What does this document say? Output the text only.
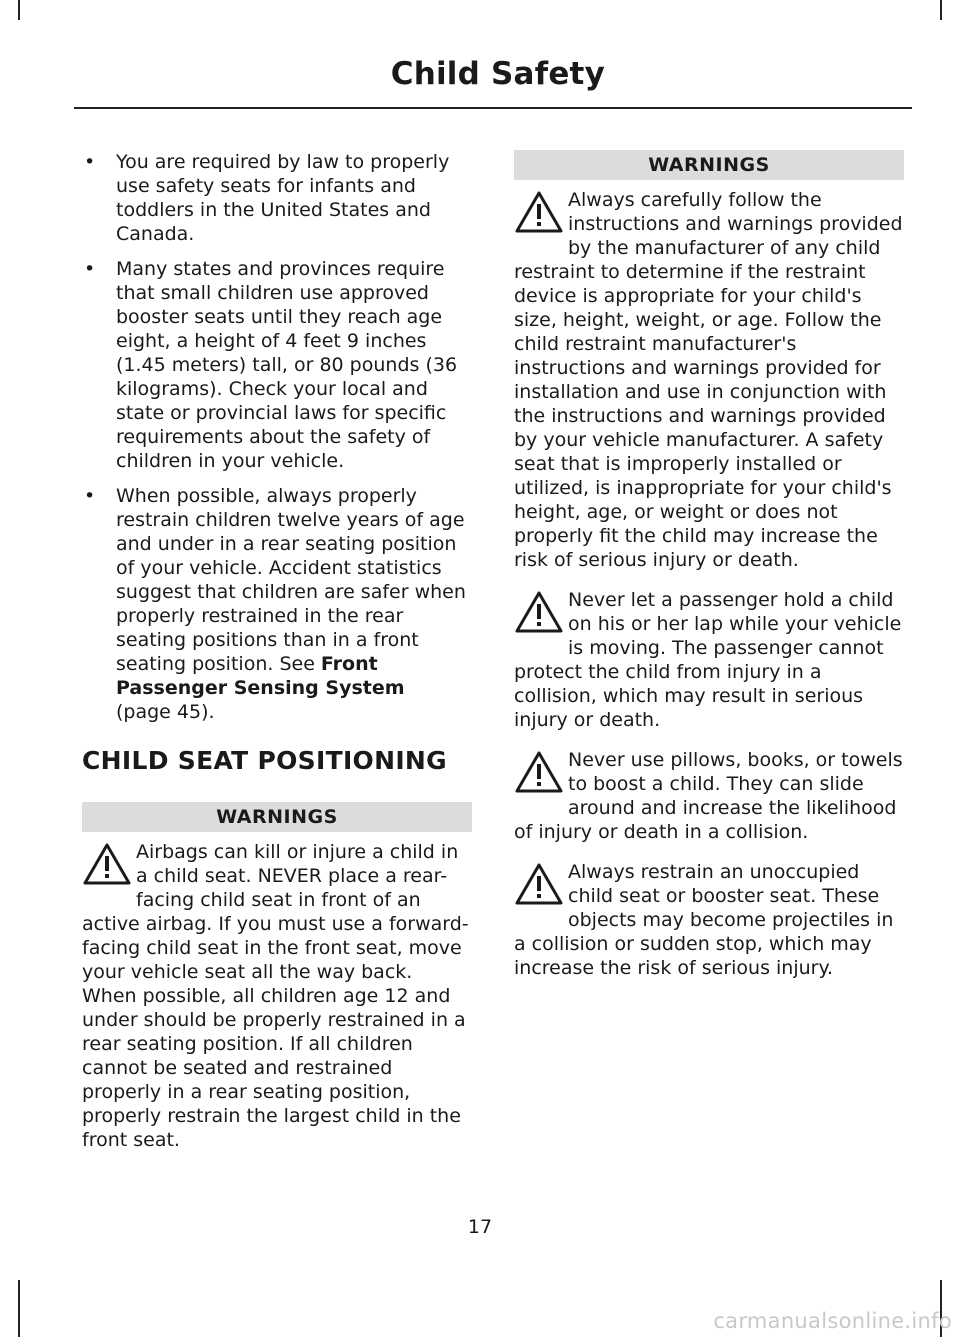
Child Safety
• You are required by law to properly use safety seats for infants and toddlers in the United States and Canada.
• Many states and provinces require that small children use approved booster seats until they reach age eight, a height of 4 feet 9 inches (1.45 meters) tall, or 80 pounds (36 kilograms). Check your local and state or provincial laws for specific requirements about the safety of children in your vehicle.
• When possible, always properly restrain children twelve years of age and under in a rear seating position of your vehicle. Accident statistics suggest that children are safer when properly restrained in the rear seating positions than in a front seating position. See Front Passenger Sensing System
(page 45).
CHILD SEAT POSITIONING
WARNINGS
Airbags can kill or injure a child in a child seat. NEVER place a rear-facing child seat in front of an active airbag. If you must use a forward-facing child seat in the front seat, move your vehicle seat all the way back. When possible, all children age 12 and under should be properly restrained in a rear seating position. If all children cannot be seated and restrained properly in a rear seating position, properly restrain the largest child in the front seat.
WARNINGS
Always carefully follow the instructions and warnings provided by the manufacturer of any child restraint to determine if the restraint device is appropriate for your child's size, height, weight, or age. Follow the child restraint manufacturer's instructions and warnings provided for installation and use in conjunction with the instructions and warnings provided by your vehicle manufacturer. A safety seat that is improperly installed or utilized, is inappropriate for your child's height, age, or weight or does not properly fit the child may increase the risk of serious injury or death.
Never let a passenger hold a child on his or her lap while your vehicle is moving. The passenger cannot protect the child from injury in a collision, which may result in serious injury or death.
Never use pillows, books, or towels to boost a child. They can slide around and increase the likelihood of injury or death in a collision.
Always restrain an unoccupied child seat or booster seat. These objects may become projectiles in a collision or sudden stop, which may increase the risk of serious injury.
17
carmanualsonline.info
